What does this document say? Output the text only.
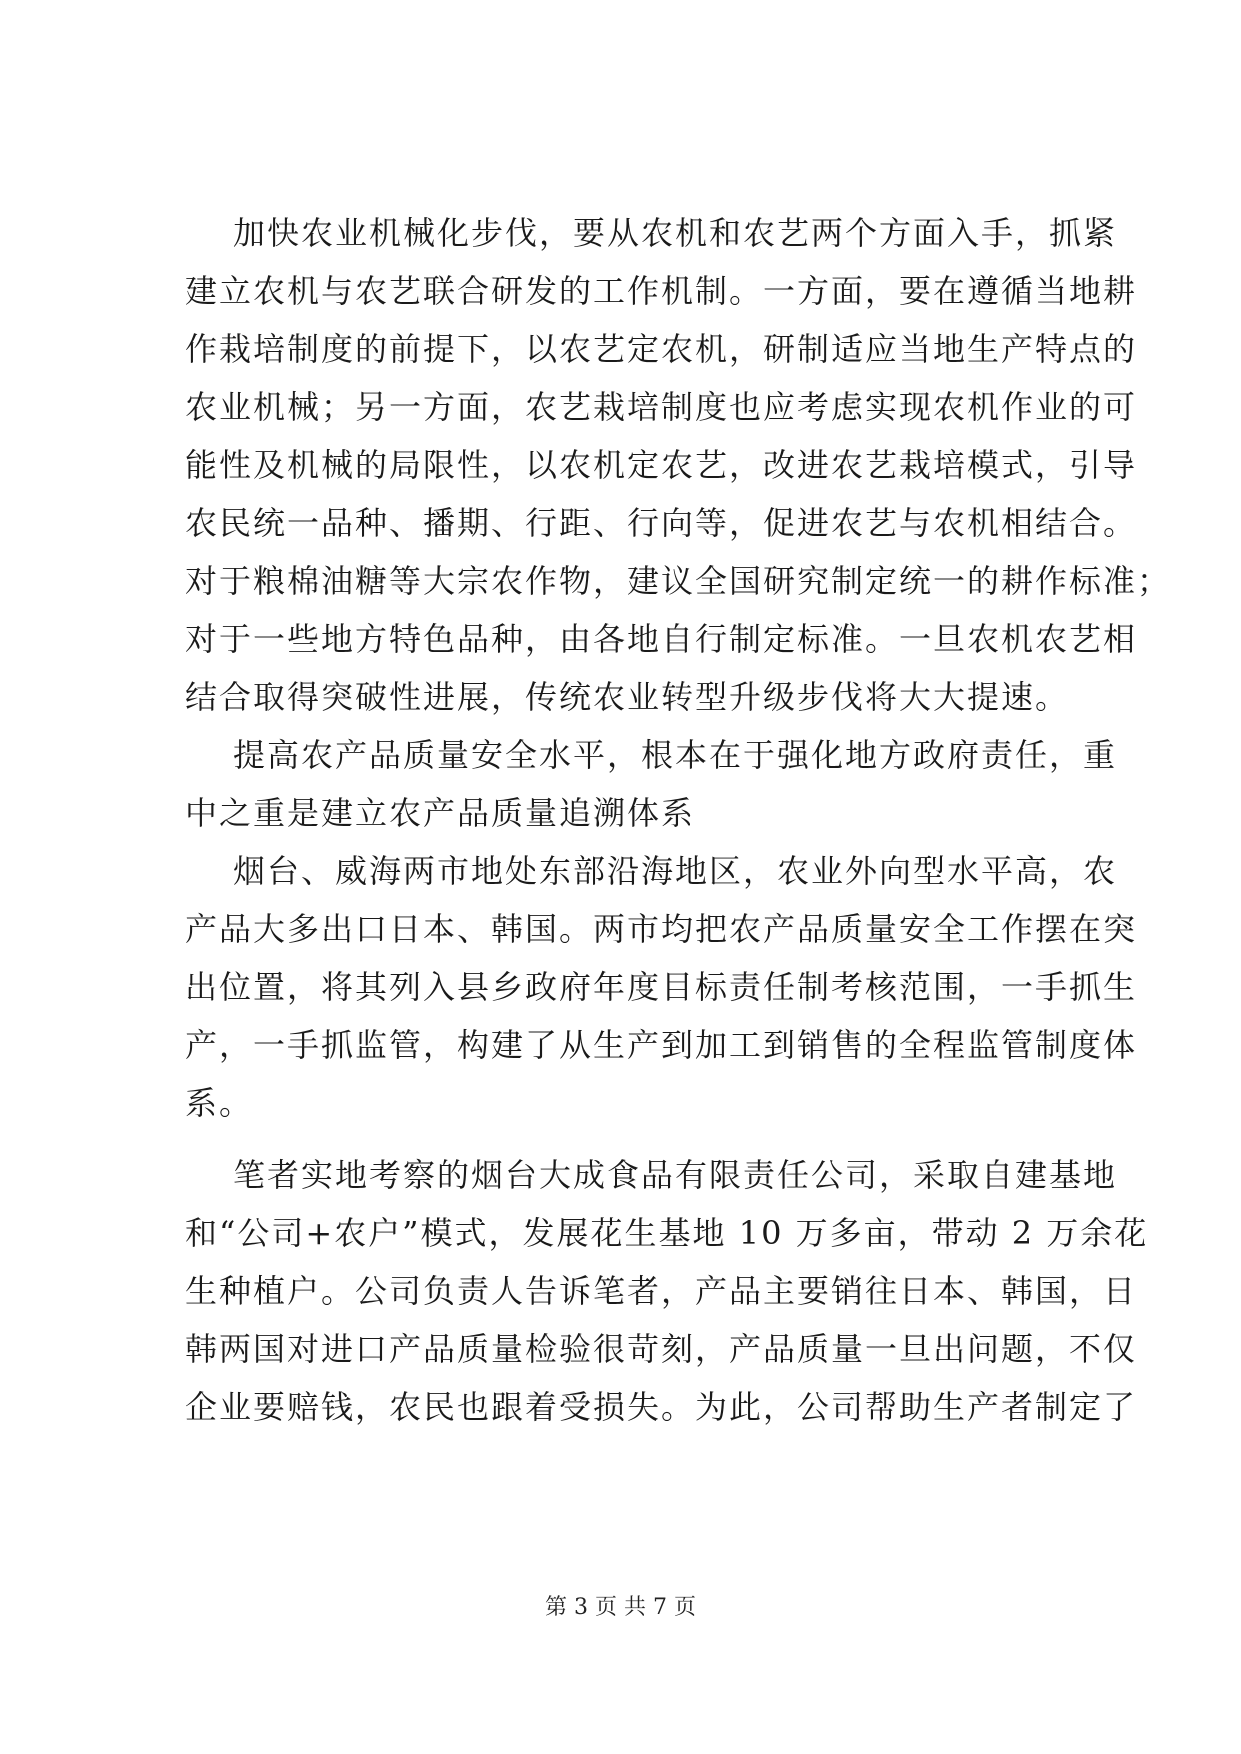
加快农业机械化步伐，要从农机和农艺两个方面入手，抓紧
建立农机与农艺联合研发的工作机制。一方面，要在遵循当地耕
作栽培制度的前提下，以农艺定农机，研制适应当地生产特点的
农业机械；另一方面，农艺栽培制度也应考虑实现农机作业的可
能性及机械的局限性，以农机定农艺，改进农艺栽培模式，引导
农民统一品种、播期、行距、行向等，促进农艺与农机相结合。
对于粮棉油糖等大宗农作物，建议全国研究制定统一的耕作标准；
对于一些地方特色品种，由各地自行制定标准。一旦农机农艺相
结合取得突破性进展，传统农业转型升级步伐将大大提速。
提高农产品质量安全水平，根本在于强化地方政府责任，重
中之重是建立农产品质量追溯体系
烟台、威海两市地处东部沿海地区，农业外向型水平高，农
产品大多出口日本、韩国。两市均把农产品质量安全工作摆在突
出位置，将其列入县乡政府年度目标责任制考核范围，一手抓生
产，一手抓监管，构建了从生产到加工到销售的全程监管制度体
系。
笔者实地考察的烟台大成食品有限责任公司，采取自建基地
和“公司+农户”模式，发展花生基地 10 万多亩，带动 2 万余花
生种植户。公司负责人告诉笔者，产品主要销往日本、韩国，日
韩两国对进口产品质量检验很苛刻，产品质量一旦出问题，不仅
企业要赔钱，农民也跟着受损失。为此，公司帮助生产者制定了
第 3 页 共 7 页
